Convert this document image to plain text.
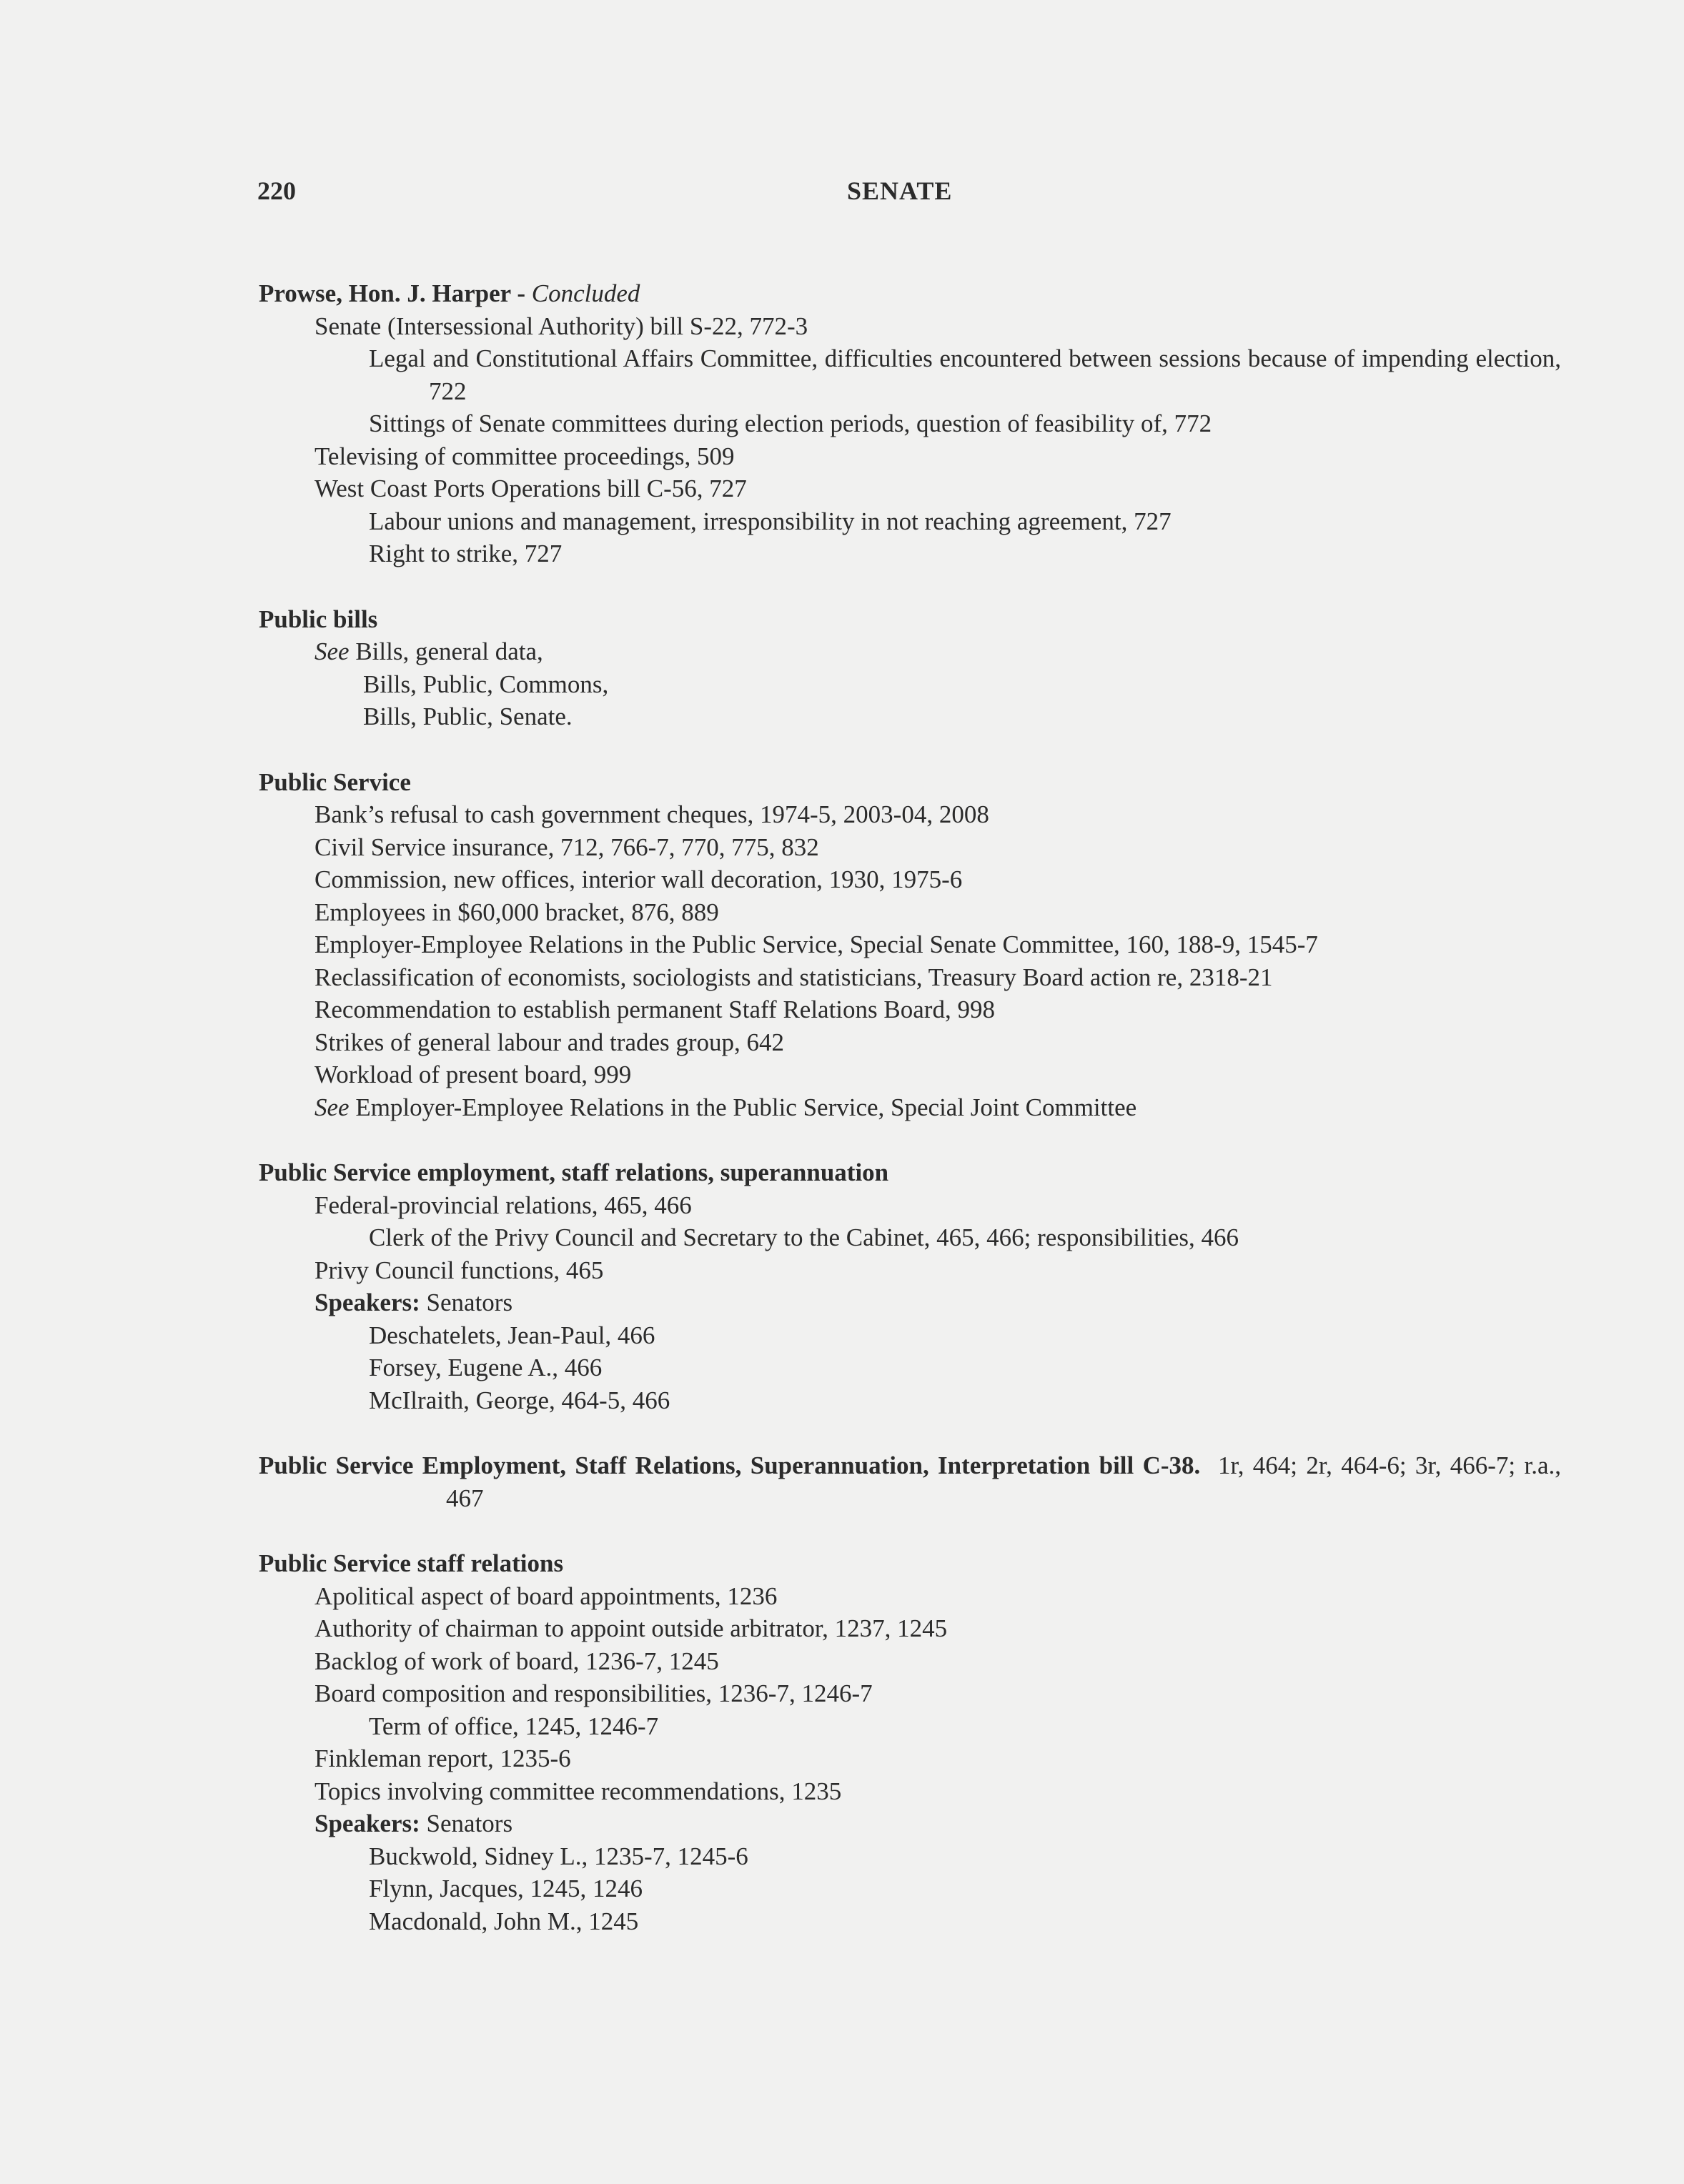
220	SENATE
Prowse, Hon. J. Harper - Concluded
Senate (Intersessional Authority) bill S-22, 772-3
Legal and Constitutional Affairs Committee, difficulties encountered between sessions because of impending election, 722
Sittings of Senate committees during election periods, question of feasibility of, 772
Televising of committee proceedings, 509
West Coast Ports Operations bill C-56, 727
Labour unions and management, irresponsibility in not reaching agreement, 727
Right to strike, 727
Public bills
See Bills, general data,
Bills, Public, Commons,
Bills, Public, Senate.
Public Service
Bank’s refusal to cash government cheques, 1974-5, 2003-04, 2008
Civil Service insurance, 712, 766-7, 770, 775, 832
Commission, new offices, interior wall decoration, 1930, 1975-6
Employees in $60,000 bracket, 876, 889
Employer-Employee Relations in the Public Service, Special Senate Committee, 160, 188-9, 1545-7
Reclassification of economists, sociologists and statisticians, Treasury Board action re, 2318-21
Recommendation to establish permanent Staff Relations Board, 998
Strikes of general labour and trades group, 642
Workload of present board, 999
See Employer-Employee Relations in the Public Service, Special Joint Committee
Public Service employment, staff relations, superannuation
Federal-provincial relations, 465, 466
Clerk of the Privy Council and Secretary to the Cabinet, 465, 466; responsibilities, 466
Privy Council functions, 465
Speakers: Senators
Deschatelets, Jean-Paul, 466
Forsey, Eugene A., 466
McIlraith, George, 464-5, 466
Public Service Employment, Staff Relations, Superannuation, Interpretation bill C-38.  1r, 464; 2r, 464-6; 3r, 466-7; r.a., 467
Public Service staff relations
Apolitical aspect of board appointments, 1236
Authority of chairman to appoint outside arbitrator, 1237, 1245
Backlog of work of board, 1236-7, 1245
Board composition and responsibilities, 1236-7, 1246-7
Term of office, 1245, 1246-7
Finkleman report, 1235-6
Topics involving committee recommendations, 1235
Speakers: Senators
Buckwold, Sidney L., 1235-7, 1245-6
Flynn, Jacques, 1245, 1246
Macdonald, John M., 1245
